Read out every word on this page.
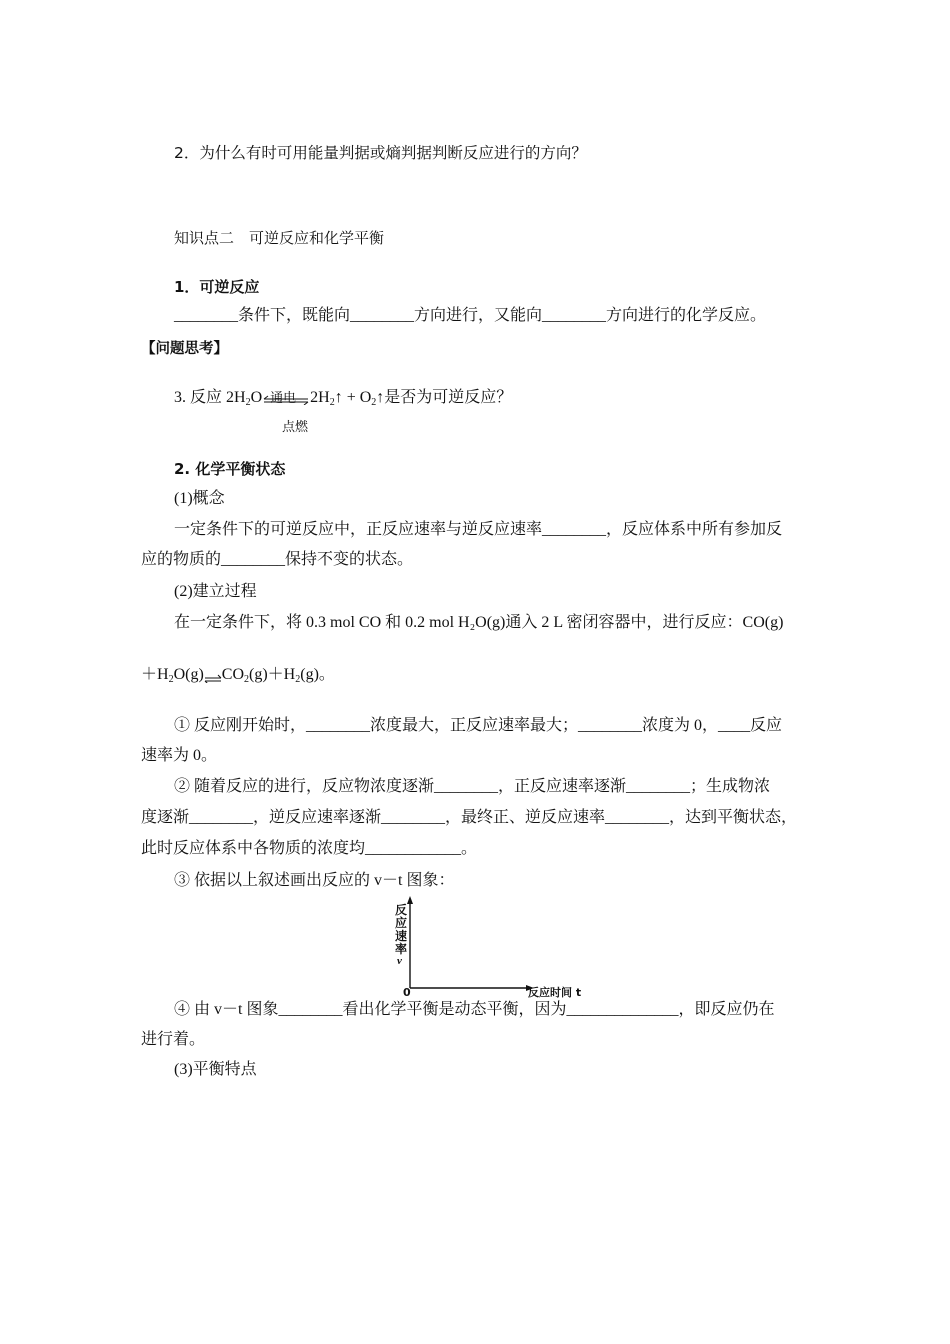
2．为什么有时可用能量判据或熵判据判断反应进行的方向？
知识点二　可逆反应和化学平衡
1．可逆反应
________条件下，既能向________方向进行，又能向________方向进行的化学反应。
【问题思考】
3. 反应 $2H_2O$ 通电 $2H_2↑$ + $O_2↑$是否为可逆反应？
点燃
2. 化学平衡状态
(1)概念
一定条件下的可逆反应中，正反应速率与逆反应速率________，反应体系中所有参加反
应的物质的________保持不变的状态。
(2)建立过程
在一定条件下，将 0.3 mol CO 和 0.2 mol H₂O(g)通入 2 L 密闭容器中，进行反应：CO(g)
$+H_2O(g)\rightleftharpoons CO_2(g)+H_2(g)$。
① 反应刚开始时，________浓度最大，正反应速率最大；________浓度为 0，____反应
速率为 0。
② 随着反应的进行，反应物浓度逐渐________，正反应速率逐渐________；生成物浓
度逐渐________，逆反应速率逐渐________，最终正、逆反应速率________，达到平衡状态，
此时反应体系中各物质的浓度均____________。
③ 依据以上叙述画出反应的 v－t 图象：
反应速率
v
反应时间 t
0
④ 由 v－t 图象________看出化学平衡是动态平衡，因为______________，即反应仍在
进行着。
(3)平衡特点
